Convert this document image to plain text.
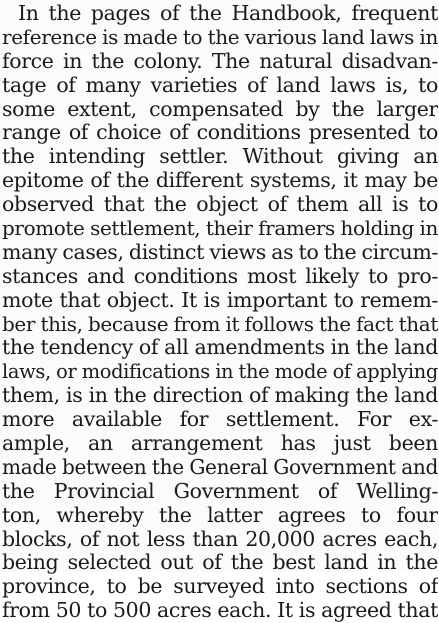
In the pages of the Handbook, frequent
reference is made to the various land laws in
force in the colony. The natural disadvan-
tage of many varieties of land laws is, to
some extent, compensated by the larger
range of choice of conditions presented to
the intending settler. Without giving an
epitome of the different systems, it may be
observed that the object of them all is to
promote settlement, their framers holding in
many cases, distinct views as to the circum-
stances and conditions most likely to pro-
mote that object. It is important to remem-
ber this, because from it follows the fact that
the tendency of all amendments in the land
laws, or modifications in the mode of applying
them, is in the direction of making the land
more available for settlement. For ex-
ample, an arrangement has just been
made between the General Government and
the Provincial Government of Welling-
ton, whereby the latter agrees to four
blocks, of not less than 20,000 acres each,
being selected out of the best land in the
province, to be surveyed into sections of
from 50 to 500 acres each. It is agreed that
